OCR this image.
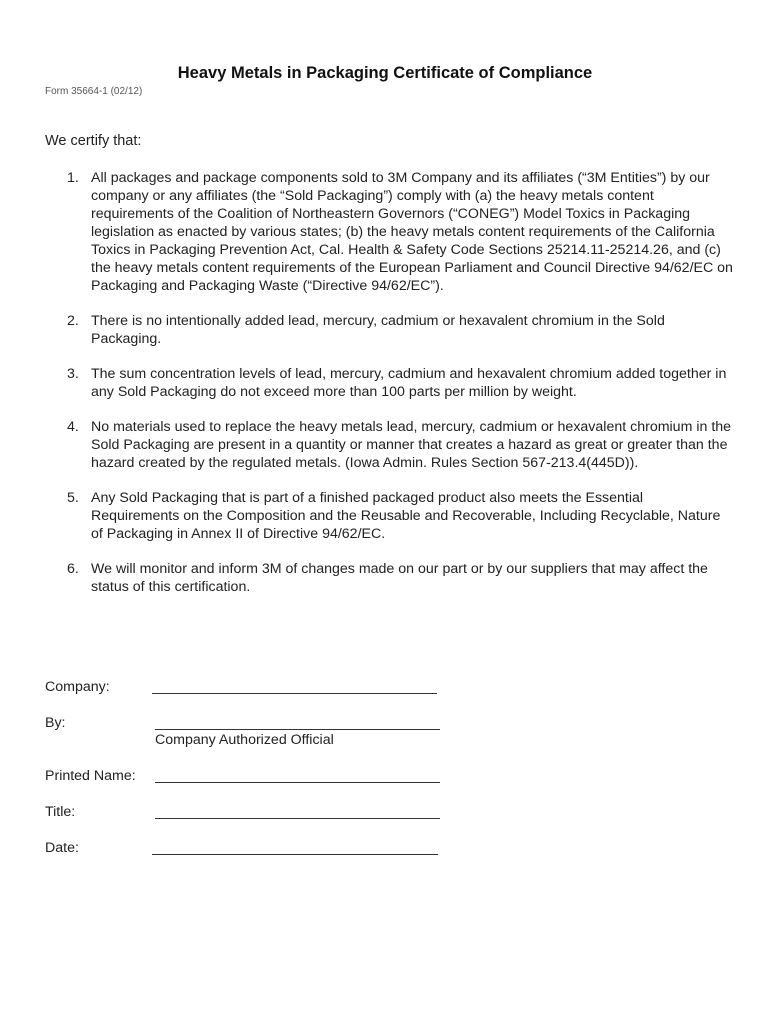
Heavy Metals in Packaging Certificate of Compliance
Form 35664-1 (02/12)
We certify that:
1. All packages and package components sold to 3M Company and its affiliates (“3M Entities”) by our company or any affiliates (the “Sold Packaging”) comply with (a) the heavy metals content requirements of the Coalition of Northeastern Governors (“CONEG”) Model Toxics in Packaging legislation as enacted by various states; (b) the heavy metals content requirements of the California Toxics in Packaging Prevention Act, Cal. Health & Safety Code Sections 25214.11-25214.26, and (c) the heavy metals content requirements of the European Parliament and Council Directive 94/62/EC on Packaging and Packaging Waste (“Directive 94/62/EC”).
2. There is no intentionally added lead, mercury, cadmium or hexavalent chromium in the Sold Packaging.
3. The sum concentration levels of lead, mercury, cadmium and hexavalent chromium added together in any Sold Packaging do not exceed more than 100 parts per million by weight.
4. No materials used to replace the heavy metals lead, mercury, cadmium or hexavalent chromium in the Sold Packaging are present in a quantity or manner that creates a hazard as great or greater than the hazard created by the regulated metals. (Iowa Admin. Rules Section 567-213.4(445D)).
5. Any Sold Packaging that is part of a finished packaged product also meets the Essential Requirements on the Composition and the Reusable and Recoverable, Including Recyclable, Nature of Packaging in Annex II of Directive 94/62/EC.
6. We will monitor and inform 3M of changes made on our part or by our suppliers that may affect the status of this certification.
Company:
By:
Company Authorized Official
Printed Name:
Title:
Date:
